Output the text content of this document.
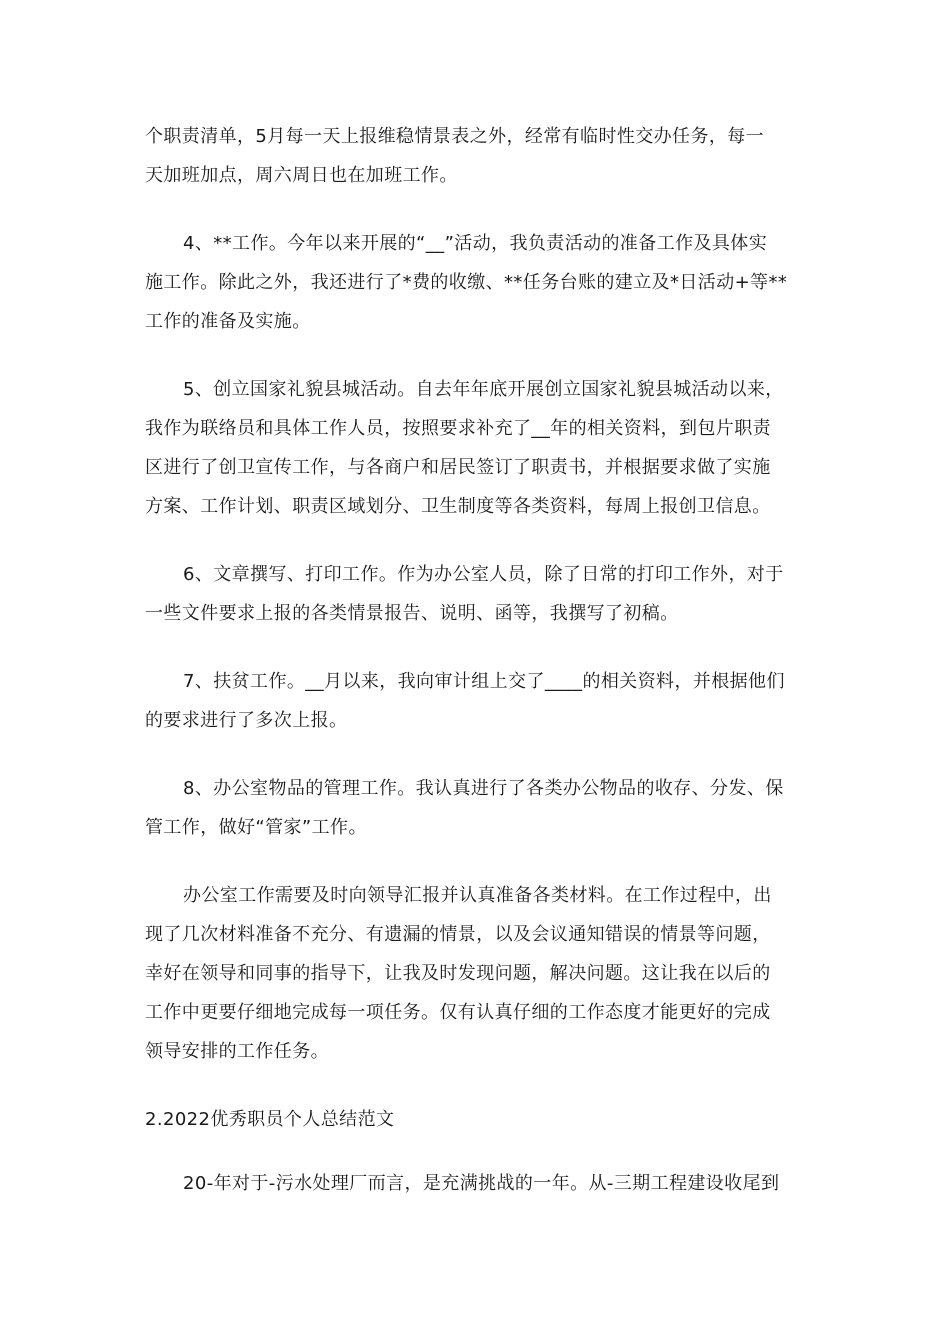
个职责清单，5月每一天上报维稳情景表之外，经常有临时性交办任务，每一
天加班加点，周六周日也在加班工作。

4、**工作。今年以来开展的“__”活动，我负责活动的准备工作及具体实
施工作。除此之外，我还进行了*费的收缴、**任务台账的建立及*日活动+等**
工作的准备及实施。

5、创立国家礼貌县城活动。自去年年底开展创立国家礼貌县城活动以来，
我作为联络员和具体工作人员，按照要求补充了__年的相关资料，到包片职责
区进行了创卫宣传工作，与各商户和居民签订了职责书，并根据要求做了实施
方案、工作计划、职责区域划分、卫生制度等各类资料，每周上报创卫信息。

6、文章撰写、打印工作。作为办公室人员，除了日常的打印工作外，对于
一些文件要求上报的各类情景报告、说明、函等，我撰写了初稿。

7、扶贫工作。__月以来，我向审计组上交了____的相关资料，并根据他们
的要求进行了多次上报。

8、办公室物品的管理工作。我认真进行了各类办公物品的收存、分发、保
管工作，做好“管家”工作。

办公室工作需要及时向领导汇报并认真准备各类材料。在工作过程中，出
现了几次材料准备不充分、有遗漏的情景，以及会议通知错误的情景等问题，
幸好在领导和同事的指导下，让我及时发现问题，解决问题。这让我在以后的
工作中更要仔细地完成每一项任务。仅有认真仔细的工作态度才能更好的完成
领导安排的工作任务。

2.2022优秀职员个人总结范文

20-年对于-污水处理厂而言，是充满挑战的一年。从-三期工程建设收尾到
